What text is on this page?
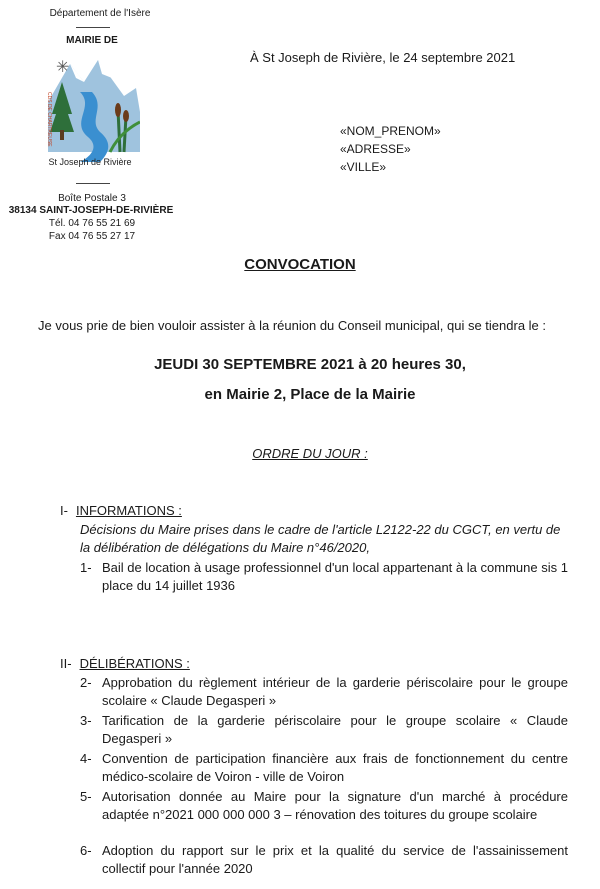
Département de l'Isère
MAIRIE DE
✳
CDS DE CHARTREUSE
St Joseph de Rivière
Boîte Postale 3
38134 SAINT-JOSEPH-DE-RIVIÈRE
Tél. 04 76 55 21 69
Fax 04 76 55 27 17
À St Joseph de Rivière, le 24 septembre 2021
«NOM_PRENOM»
«ADRESSE»
«VILLE»
CONVOCATION
Je vous prie de bien vouloir assister à la réunion du Conseil municipal, qui se tiendra le :
JEUDI 30 SEPTEMBRE 2021 à 20 heures 30,
en Mairie 2, Place de la Mairie
ORDRE DU JOUR :
I- INFORMATIONS :
Décisions du Maire prises dans le cadre de l'article L2122-22 du CGCT, en vertu de la délibération de délégations du Maire n°46/2020,
1- Bail de location à usage professionnel d'un local appartenant à la commune sis 1 place du 14 juillet 1936
II- DÉLIBÉRATIONS :
2- Approbation du règlement intérieur de la garderie périscolaire pour le groupe scolaire « Claude Degasperi »
3- Tarification de la garderie périscolaire pour le groupe scolaire « Claude Degasperi »
4- Convention de participation financière aux frais de fonctionnement du centre médico-scolaire de Voiron - ville de Voiron
5- Autorisation donnée au Maire pour la signature d'un marché à procédure adaptée n°2021 000 000 000 3 – rénovation des toitures du groupe scolaire
6- Adoption du rapport sur le prix et la qualité du service de l'assainissement collectif pour l'année 2020
